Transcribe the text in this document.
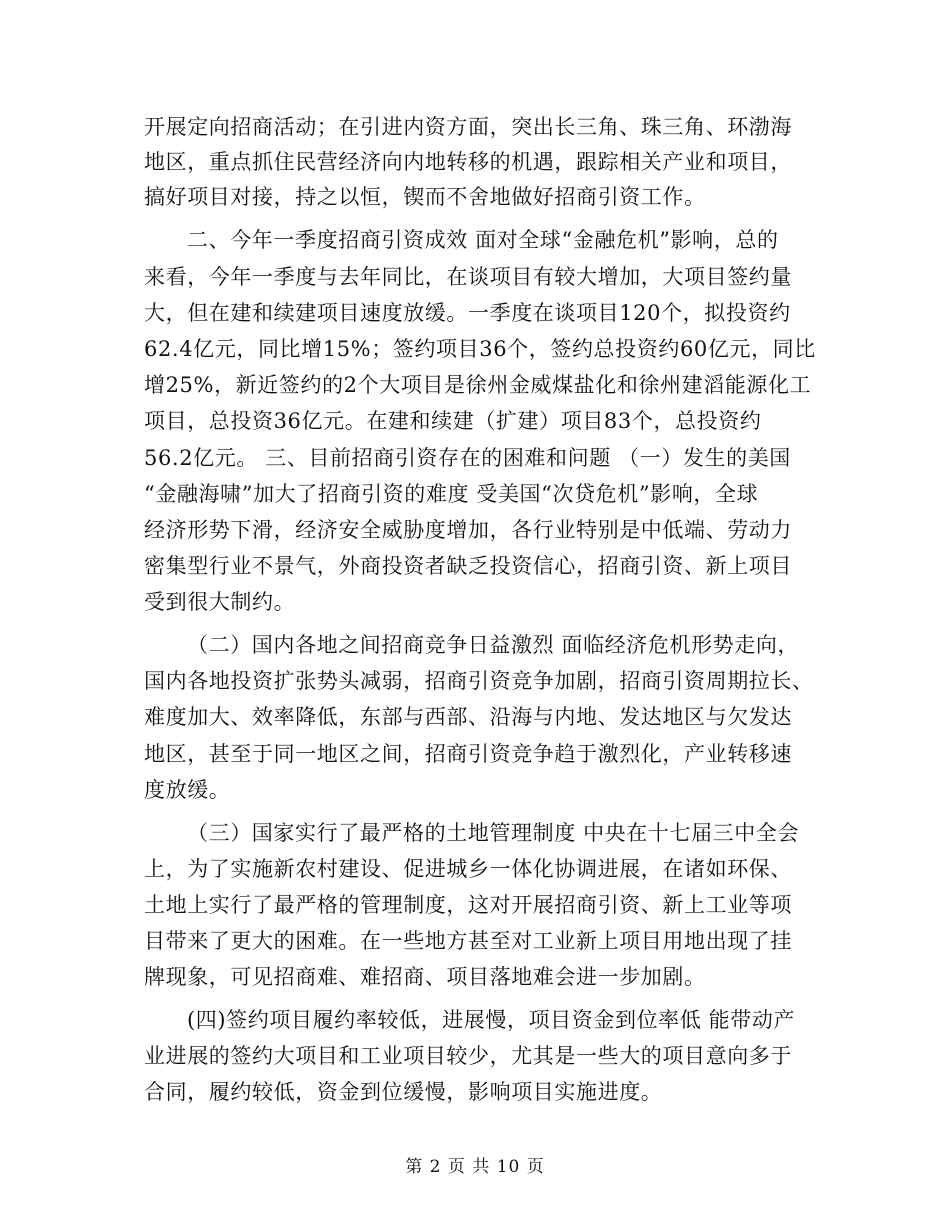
开展定向招商活动；在引进内资方面，突出长三角、珠三角、环渤海
地区，重点抓住民营经济向内地转移的机遇，跟踪相关产业和项目，
搞好项目对接，持之以恒，锲而不舍地做好招商引资工作。
二、今年一季度招商引资成效 面对全球“金融危机”影响，总的
来看，今年一季度与去年同比，在谈项目有较大增加，大项目签约量
大，但在建和续建项目速度放缓。一季度在谈项目120个，拟投资约
62.4亿元，同比增15%；签约项目36个，签约总投资约60亿元，同比
增25%，新近签约的2个大项目是徐州金威煤盐化和徐州建滔能源化工
项目，总投资36亿元。在建和续建（扩建）项目83个，总投资约
56.2亿元。 三、目前招商引资存在的困难和问题 （一）发生的美国
“金融海啸”加大了招商引资的难度 受美国“次贷危机”影响，全球
经济形势下滑，经济安全威胁度增加，各行业特别是中低端、劳动力
密集型行业不景气，外商投资者缺乏投资信心，招商引资、新上项目
受到很大制约。
（二）国内各地之间招商竞争日益激烈 面临经济危机形势走向，
国内各地投资扩张势头减弱，招商引资竞争加剧，招商引资周期拉长、
难度加大、效率降低，东部与西部、沿海与内地、发达地区与欠发达
地区，甚至于同一地区之间，招商引资竞争趋于激烈化，产业转移速
度放缓。
（三）国家实行了最严格的土地管理制度 中央在十七届三中全会
上，为了实施新农村建设、促进城乡一体化协调进展，在诸如环保、
土地上实行了最严格的管理制度，这对开展招商引资、新上工业等项
目带来了更大的困难。在一些地方甚至对工业新上项目用地出现了挂
牌现象，可见招商难、难招商、项目落地难会进一步加剧。
(四)签约项目履约率较低，进展慢，项目资金到位率低 能带动产
业进展的签约大项目和工业项目较少，尤其是一些大的项目意向多于
合同，履约较低，资金到位缓慢，影响项目实施进度。
第 2 页 共 10 页
